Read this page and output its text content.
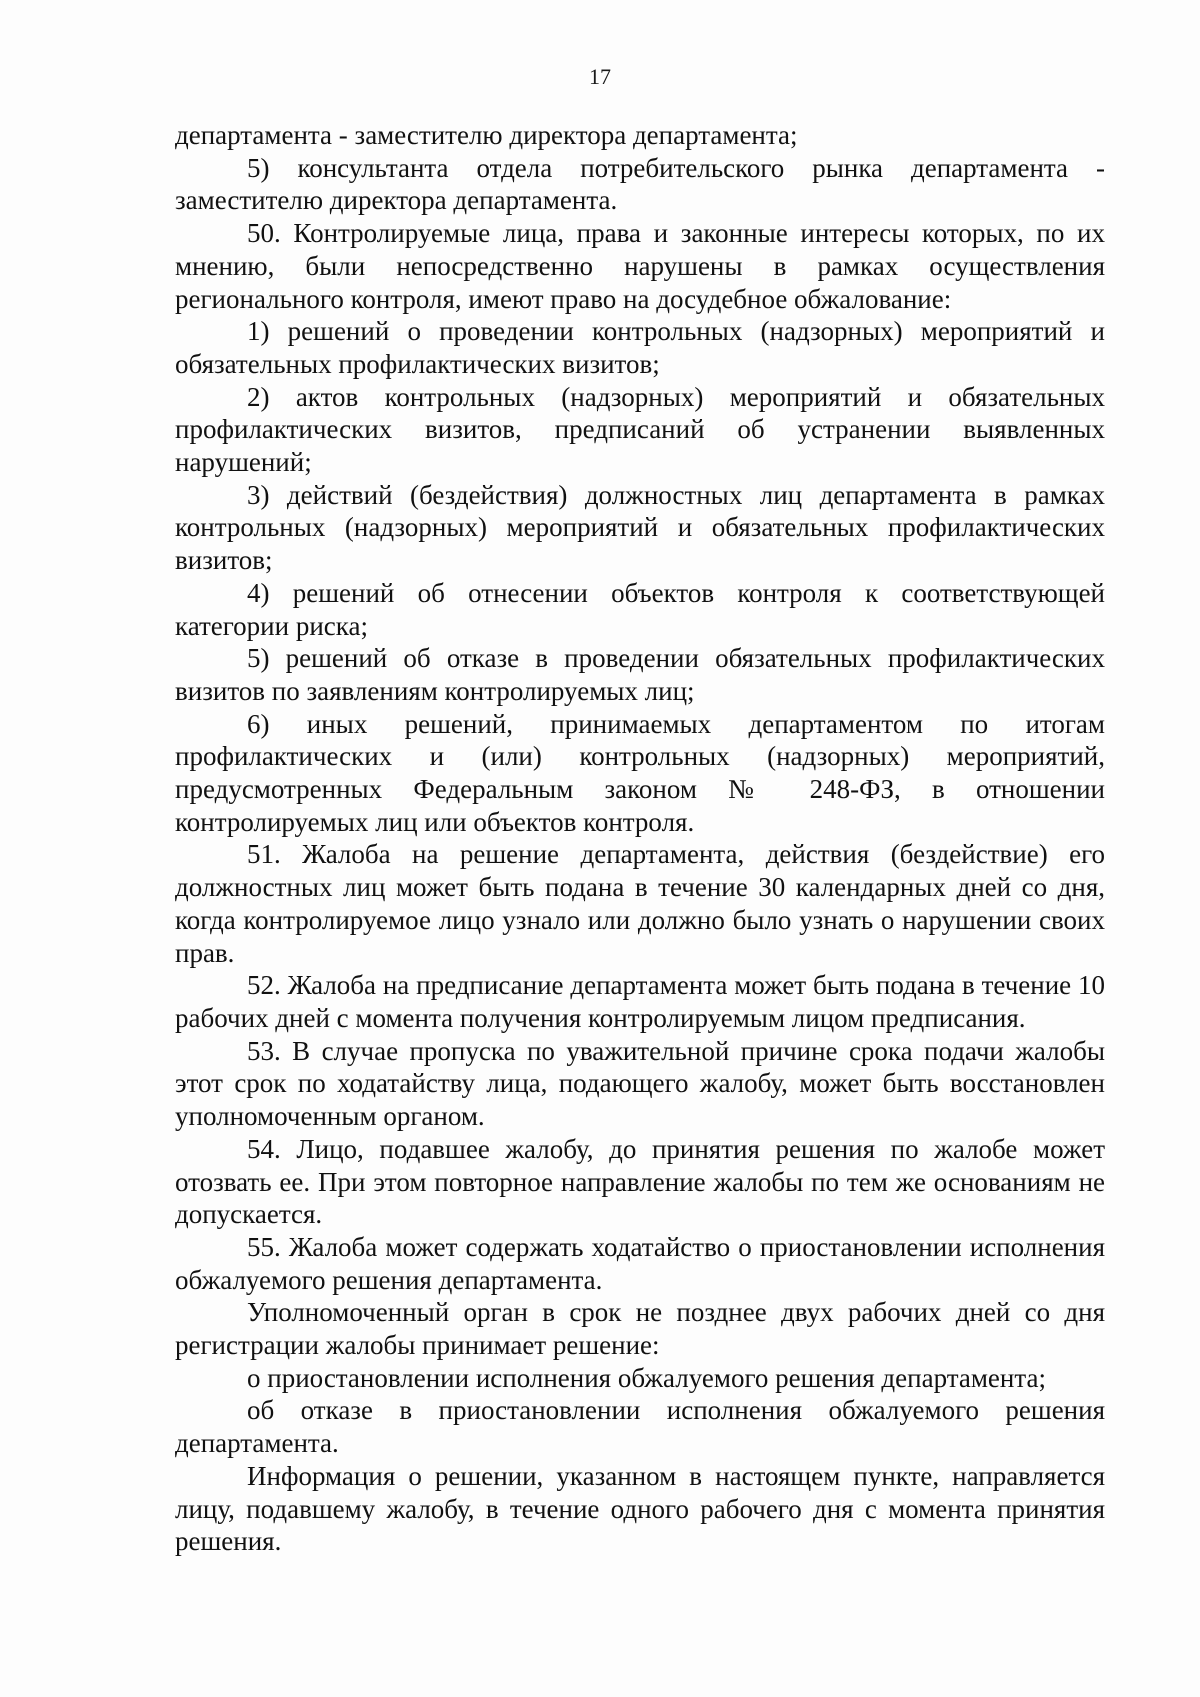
17

департамента - заместителю директора департамента;

5) консультанта отдела потребительского рынка департамента - заместителю директора департамента.

50. Контролируемые лица, права и законные интересы которых, по их мнению, были непосредственно нарушены в рамках осуществления регионального контроля, имеют право на досудебное обжалование:

1) решений о проведении контрольных (надзорных) мероприятий и обязательных профилактических визитов;

2) актов контрольных (надзорных) мероприятий и обязательных профилактических визитов, предписаний об устранении выявленных нарушений;

3) действий (бездействия) должностных лиц департамента в рамках контрольных (надзорных) мероприятий и обязательных профилактических визитов;

4) решений об отнесении объектов контроля к соответствующей категории риска;

5) решений об отказе в проведении обязательных профилактических визитов по заявлениям контролируемых лиц;

6) иных решений, принимаемых департаментом по итогам профилактических и (или) контрольных (надзорных) мероприятий, предусмотренных Федеральным законом № 248-ФЗ, в отношении контролируемых лиц или объектов контроля.

51. Жалоба на решение департамента, действия (бездействие) его должностных лиц может быть подана в течение 30 календарных дней со дня, когда контролируемое лицо узнало или должно было узнать о нарушении своих прав.

52. Жалоба на предписание департамента может быть подана в течение 10 рабочих дней с момента получения контролируемым лицом предписания.

53. В случае пропуска по уважительной причине срока подачи жалобы этот срок по ходатайству лица, подающего жалобу, может быть восстановлен уполномоченным органом.

54. Лицо, подавшее жалобу, до принятия решения по жалобе может отозвать ее. При этом повторное направление жалобы по тем же основаниям не допускается.

55. Жалоба может содержать ходатайство о приостановлении исполнения обжалуемого решения департамента.

Уполномоченный орган в срок не позднее двух рабочих дней со дня регистрации жалобы принимает решение:

о приостановлении исполнения обжалуемого решения департамента;

об отказе в приостановлении исполнения обжалуемого решения департамента.

Информация о решении, указанном в настоящем пункте, направляется лицу, подавшему жалобу, в течение одного рабочего дня с момента принятия решения.
